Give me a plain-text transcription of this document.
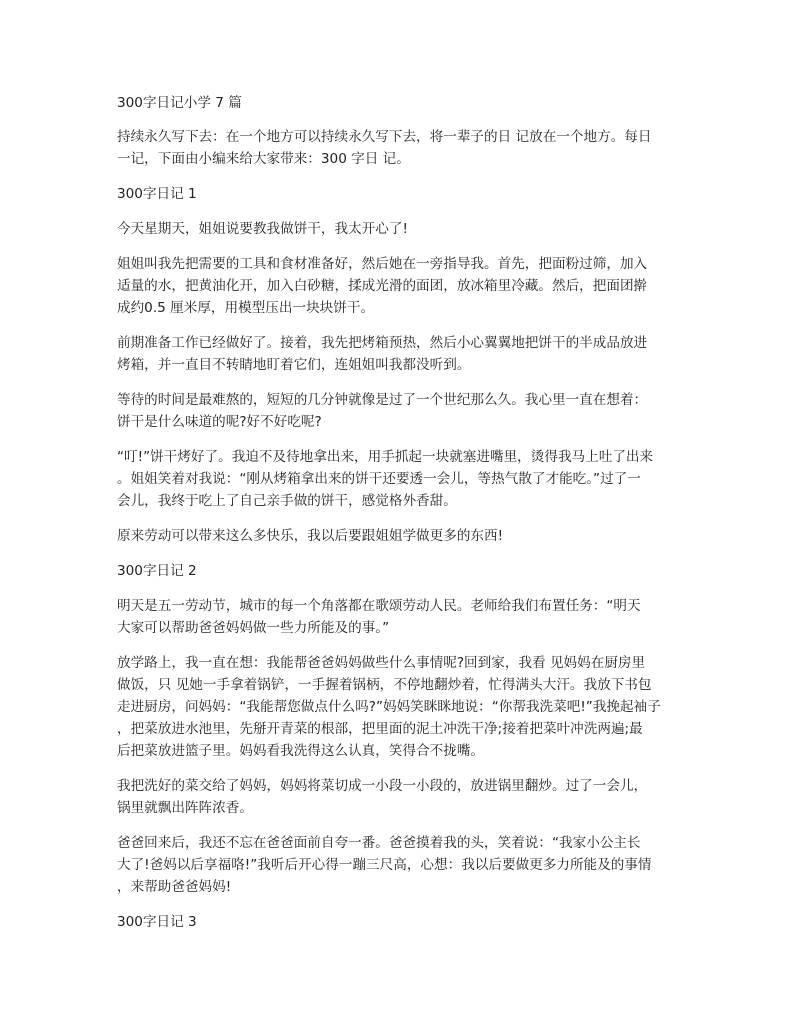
300字日记小学 7 篇
持续永久写下去：在一个地方可以持续永久写下去，将一辈子的日 记放在一个地方。每日
一记，下面由小编来给大家带来：300 字日 记。
300字日记 1
今天星期天，姐姐说要教我做饼干，我太开心了!
姐姐叫我先把需要的工具和食材准备好，然后她在一旁指导我。首先，把面粉过筛，加入
适量的水，把黄油化开，加入白砂糖，揉成光滑的面团，放冰箱里冷藏。然后，把面团擀
成约0.5 厘米厚，用模型压出一块块饼干。
前期准备工作已经做好了。接着，我先把烤箱预热，然后小心翼翼地把饼干的半成品放进
烤箱，并一直目不转睛地盯着它们，连姐姐叫我都没听到。
等待的时间是最难熬的，短短的几分钟就像是过了一个世纪那么久。我心里一直在想着：
饼干是什么味道的呢?好不好吃呢?
“叮!”饼干烤好了。我迫不及待地拿出来，用手抓起一块就塞进嘴里，烫得我马上吐了出来
。姐姐笑着对我说：“刚从烤箱拿出来的饼干还要透一会儿，等热气散了才能吃。”过了一
会儿，我终于吃上了自己亲手做的饼干，感觉格外香甜。
原来劳动可以带来这么多快乐，我以后要跟姐姐学做更多的东西!
300字日记 2
明天是五一劳动节，城市的每一个角落都在歌颂劳动人民。老师给我们布置任务：“明天
大家可以帮助爸爸妈妈做一些力所能及的事。”
放学路上，我一直在想：我能帮爸爸妈妈做些什么事情呢?回到家，我看 见妈妈在厨房里
做饭，只 见她一手拿着锅铲，一手握着锅柄，不停地翻炒着，忙得满头大汗。我放下书包
走进厨房，问妈妈：“我能帮您做点什么吗?”妈妈笑眯眯地说：“你帮我洗菜吧!”我挽起袖子
，把菜放进水池里，先掰开青菜的根部，把里面的泥土冲洗干净;接着把菜叶冲洗两遍;最
后把菜放进篮子里。妈妈看我洗得这么认真，笑得合不拢嘴。
我把洗好的菜交给了妈妈，妈妈将菜切成一小段一小段的，放进锅里翻炒。过了一会儿，
锅里就飘出阵阵浓香。
爸爸回来后，我还不忘在爸爸面前自夸一番。爸爸摸着我的头，笑着说：“我家小公主长
大了!爸妈以后享福咯!”我听后开心得一蹦三尺高，心想：我以后要做更多力所能及的事情
，来帮助爸爸妈妈!
300字日记 3
